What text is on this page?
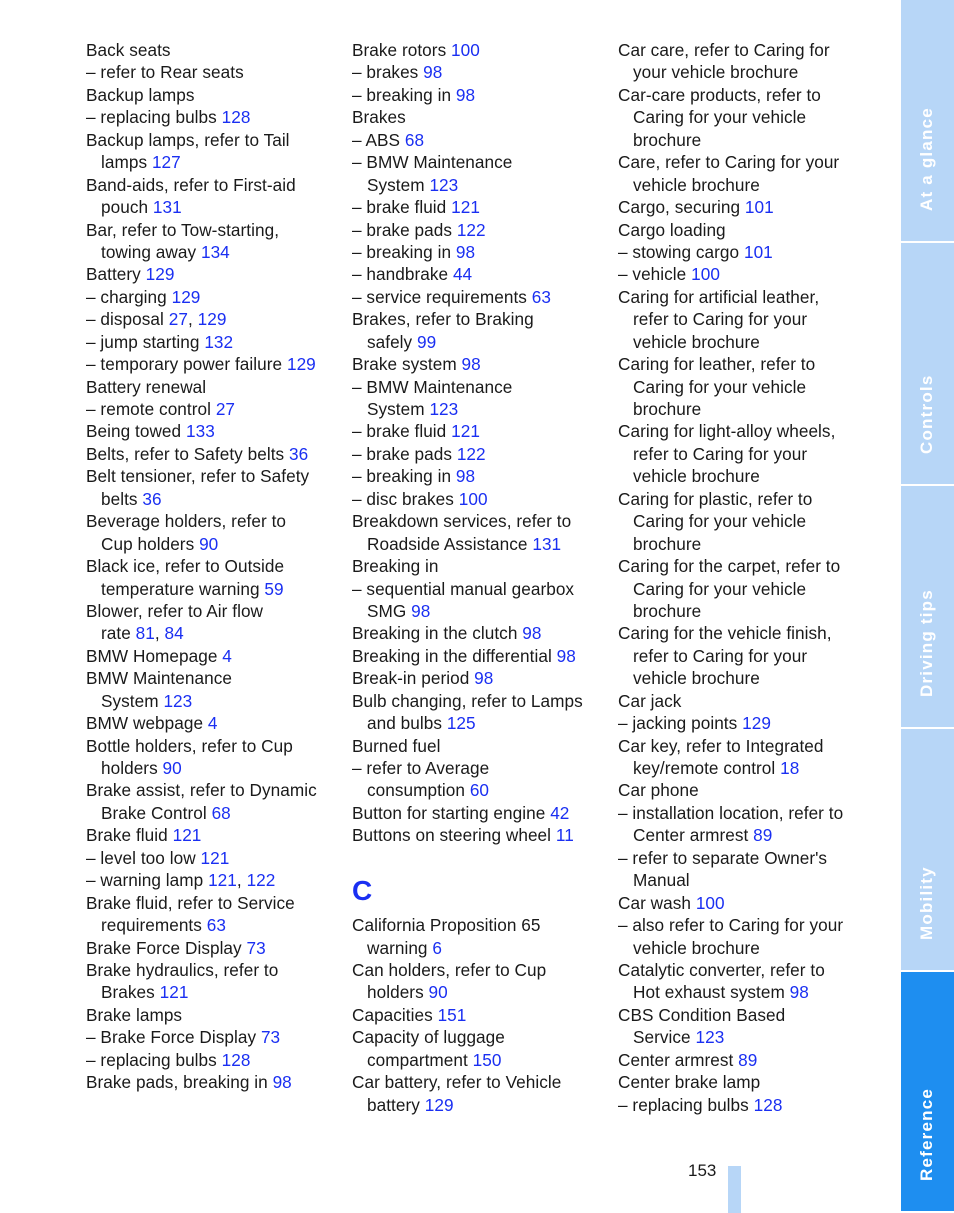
Back seats
– refer to Rear seats
Backup lamps
– replacing bulbs 128
Backup lamps, refer to Tail
lamps 127
Band-aids, refer to First-aid
pouch 131
Bar, refer to Tow-starting,
towing away 134
Battery 129
– charging 129
– disposal 27, 129
– jump starting 132
– temporary power failure 129
Battery renewal
– remote control 27
Being towed 133
Belts, refer to Safety belts 36
Belt tensioner, refer to Safety
belts 36
Beverage holders, refer to
Cup holders 90
Black ice, refer to Outside
temperature warning 59
Blower, refer to Air flow
rate 81, 84
BMW Homepage 4
BMW Maintenance
System 123
BMW webpage 4
Bottle holders, refer to Cup
holders 90
Brake assist, refer to Dynamic
Brake Control 68
Brake fluid 121
– level too low 121
– warning lamp 121, 122
Brake fluid, refer to Service
requirements 63
Brake Force Display 73
Brake hydraulics, refer to
Brakes 121
Brake lamps
– Brake Force Display 73
– replacing bulbs 128
Brake pads, breaking in 98
Brake rotors 100
– brakes 98
– breaking in 98
Brakes
– ABS 68
– BMW Maintenance
System 123
– brake fluid 121
– brake pads 122
– breaking in 98
– handbrake 44
– service requirements 63
Brakes, refer to Braking
safely 99
Brake system 98
– BMW Maintenance
System 123
– brake fluid 121
– brake pads 122
– breaking in 98
– disc brakes 100
Breakdown services, refer to
Roadside Assistance 131
Breaking in
– sequential manual gearbox
SMG 98
Breaking in the clutch 98
Breaking in the differential 98
Break-in period 98
Bulb changing, refer to Lamps
and bulbs 125
Burned fuel
– refer to Average
consumption 60
Button for starting engine 42
Buttons on steering wheel 11
C
California Proposition 65
warning 6
Can holders, refer to Cup
holders 90
Capacities 151
Capacity of luggage
compartment 150
Car battery, refer to Vehicle
battery 129
Car care, refer to Caring for
your vehicle brochure
Car-care products, refer to
Caring for your vehicle
brochure
Care, refer to Caring for your
vehicle brochure
Cargo, securing 101
Cargo loading
– stowing cargo 101
– vehicle 100
Caring for artificial leather,
refer to Caring for your
vehicle brochure
Caring for leather, refer to
Caring for your vehicle
brochure
Caring for light-alloy wheels,
refer to Caring for your
vehicle brochure
Caring for plastic, refer to
Caring for your vehicle
brochure
Caring for the carpet, refer to
Caring for your vehicle
brochure
Caring for the vehicle finish,
refer to Caring for your
vehicle brochure
Car jack
– jacking points 129
Car key, refer to Integrated
key/remote control 18
Car phone
– installation location, refer to
Center armrest 89
– refer to separate Owner's
Manual
Car wash 100
– also refer to Caring for your
vehicle brochure
Catalytic converter, refer to
Hot exhaust system 98
CBS Condition Based
Service 123
Center armrest 89
Center brake lamp
– replacing bulbs 128
At a glance
Controls
Driving tips
Mobility
Reference
153
